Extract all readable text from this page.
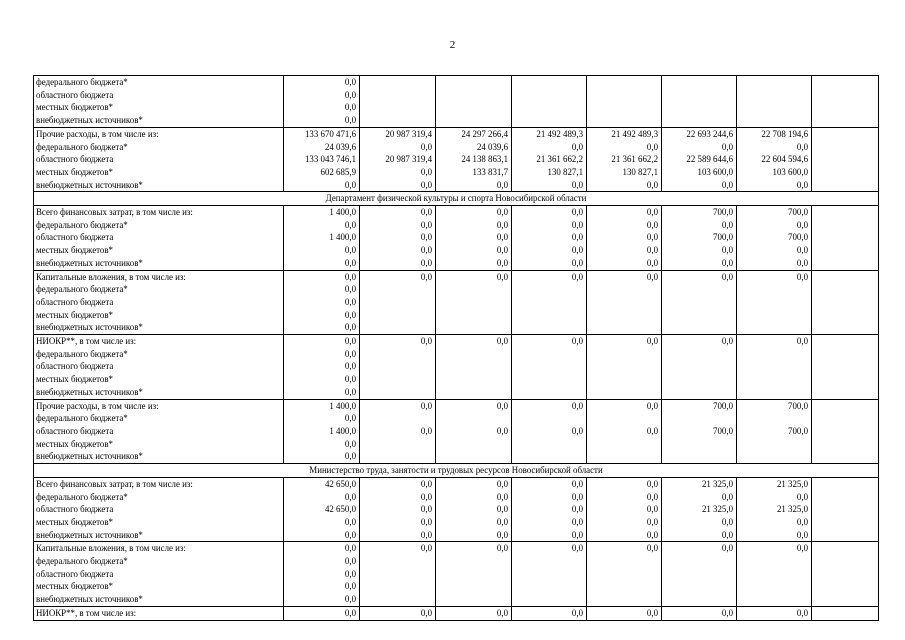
2
федерального бюджета*	0,0							
областного бюджета	0,0							
местных бюджетов*	0,0							
внебюджетных источников*	0,0							
Прочие расходы, в том числе из:	133 670 471,6	20 987 319,4	24 297 266,4	21 492 489,3	21 492 489,3	22 693 244,6	22 708 194,6	
федерального бюджета*	24 039,6	0,0	24 039,6	0,0	0,0	0,0	0,0	
областного бюджета	133 043 746,1	20 987 319,4	24 138 863,1	21 361 662,2	21 361 662,2	22 589 644,6	22 604 594,6	
местных бюджетов*	602 685,9	0,0	133 831,7	130 827,1	130 827,1	103 600,0	103 600,0	
внебюджетных источников*	0,0	0,0	0,0	0,0	0,0	0,0	0,0	
Департамент физической культуры и спорта Новосибирской области								
Всего финансовых затрат, в том числе из:	1 400,0	0,0	0,0	0,0	0,0	700,0	700,0	
федерального бюджета*	0,0	0,0	0,0	0,0	0,0	0,0	0,0	
областного бюджета	1 400,0	0,0	0,0	0,0	0,0	700,0	700,0	
местных бюджетов*	0,0	0,0	0,0	0,0	0,0	0,0	0,0	
внебюджетных источников*	0,0	0,0	0,0	0,0	0,0	0,0	0,0	
Капитальные вложения, в том числе из:	0,0	0,0	0,0	0,0	0,0	0,0	0,0	
федерального бюджета*	0,0							
областного бюджета	0,0							
местных бюджетов*	0,0							
внебюджетных источников*	0,0							
НИОКР**, в том числе из:	0,0	0,0	0,0	0,0	0,0	0,0	0,0	
федерального бюджета*	0,0							
областного бюджета	0,0							
местных бюджетов*	0,0							
внебюджетных источников*	0,0							
Прочие расходы, в том числе из:	1 400,0	0,0	0,0	0,0	0,0	700,0	700,0	
федерального бюджета*	0,0							
областного бюджета	1 400,0	0,0	0,0	0,0	0,0	700,0	700,0	
местных бюджетов*	0,0							
внебюджетных источников*	0,0							
Министерство труда, занятости и трудовых ресурсов Новосибирской области								
Всего финансовых затрат, в том числе из:	42 650,0	0,0	0,0	0,0	0,0	21 325,0	21 325,0	
федерального бюджета*	0,0	0,0	0,0	0,0	0,0	0,0	0,0	
областного бюджета	42 650,0	0,0	0,0	0,0	0,0	21 325,0	21 325,0	
местных бюджетов*	0,0	0,0	0,0	0,0	0,0	0,0	0,0	
внебюджетных источников*	0,0	0,0	0,0	0,0	0,0	0,0	0,0	
Капитальные вложения, в том числе из:	0,0	0,0	0,0	0,0	0,0	0,0	0,0	
федерального бюджета*	0,0							
областного бюджета	0,0							
местных бюджетов*	0,0							
внебюджетных источников*	0,0							
НИОКР**, в том числе из:	0,0	0,0	0,0	0,0	0,0	0,0	0,0	
